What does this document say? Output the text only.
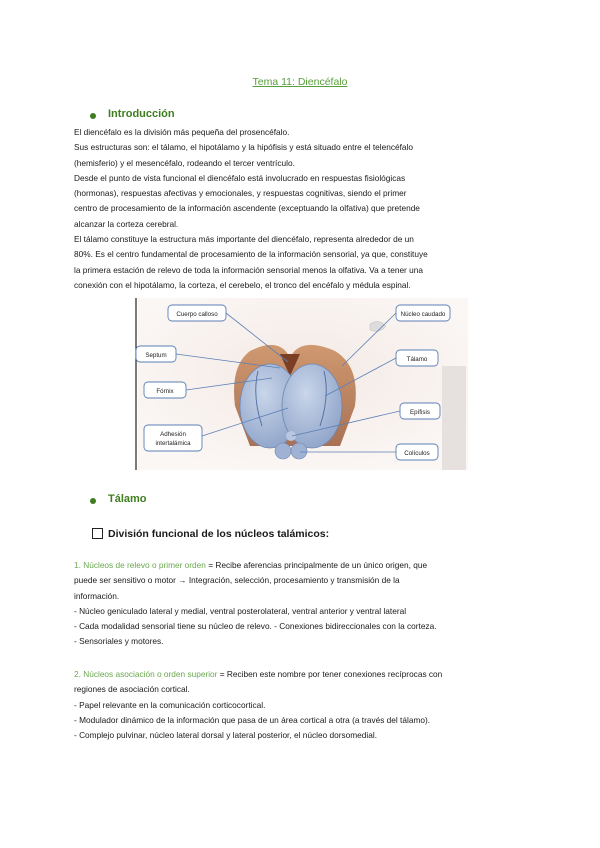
Tema 11: Diencéfalo
Introducción
El diencéfalo es la división más pequeña del prosencéfalo.
Sus estructuras son: el tálamo, el hipotálamo y la hipófisis y está situado entre el telencéfalo
(hemisferio) y el mesencéfalo, rodeando el tercer ventrículo.
Desde el punto de vista funcional el diencéfalo está involucrado en respuestas fisiológicas
(hormonas), respuestas afectivas y emocionales, y respuestas cognitivas, siendo el primer
centro de procesamiento de la información ascendente (exceptuando la olfativa) que pretende
alcanzar la corteza cerebral.
El tálamo constituye la estructura más importante del diencéfalo, representa alrededor de un
80%. Es el centro fundamental de procesamiento de la información sensorial, ya que, constituye
la primera estación de relevo de toda la información sensorial menos la olfativa. Va a tener una
conexión con el hipotálamo, la corteza, el cerebelo, el tronco del encéfalo y médula espinal.
Cuerpo calloso	Núcleo caudado
Septum
Tálamo
Fórnix
Epífisis
Adhesión
intertalámica
Colículos
Tálamo
División funcional de los núcleos talámicos:
1. Núcleos de relevo o primer orden = Recibe aferencias principalmente de un único origen, que
puede ser sensitivo o motor → Integración, selección, procesamiento y transmisión de la
información.
- Núcleo geniculado lateral y medial, ventral posterolateral, ventral anterior y ventral lateral
- Cada modalidad sensorial tiene su núcleo de relevo. - Conexiones bidireccionales con la corteza.
- Sensoriales y motores.
2. Núcleos asociación o orden superior = Reciben este nombre por tener conexiones recíprocas con
regiones de asociación cortical.
- Papel relevante en la comunicación corticocortical.
- Modulador dinámico de la información que pasa de un área cortical a otra (a través del tálamo).
- Complejo pulvinar, núcleo lateral dorsal y lateral posterior, el núcleo dorsomedial.
